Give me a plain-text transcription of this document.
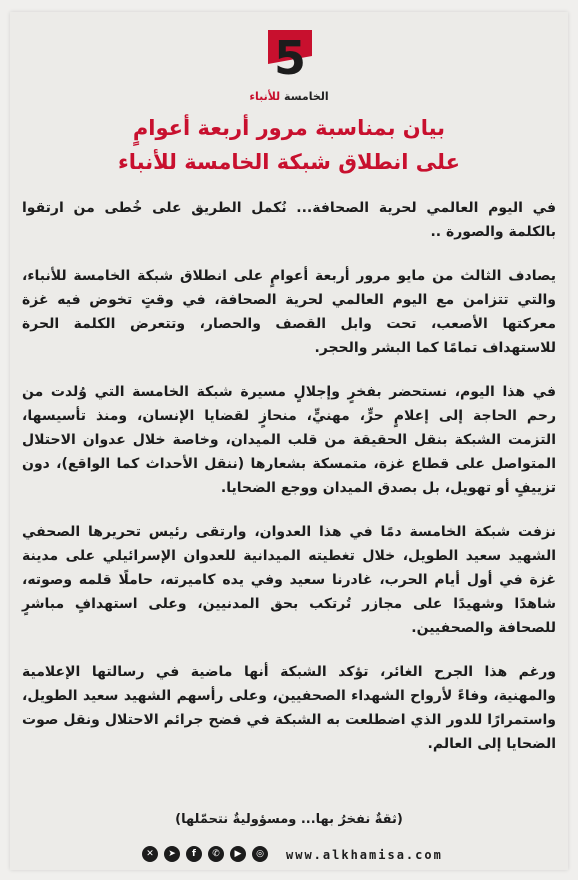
5
الخامسة للأنباء
بيان بمناسبة مرور أربعة أعوامٍ
على انطلاق شبكة الخامسة للأنباء

في اليوم العالمي لحرية الصحافة... نُكمل الطريق على خُطى من ارتقوا بالكلمة والصورة ..

يصادف الثالث من مايو مرور أربعة أعوامٍ على انطلاق شبكة الخامسة للأنباء، والتي تتزامن مع اليوم العالمي لحرية الصحافة، في وقتٍ تخوض فيه غزة معركتها الأصعب، تحت وابل القصف والحصار، وتتعرض الكلمة الحرة للاستهداف تمامًا كما البشر والحجر.

في هذا اليوم، نستحضر بفخرٍ وإجلالٍ مسيرة شبكة الخامسة التي وُلدت من رحم الحاجة إلى إعلامٍ حرٍّ، مهنيٍّ، منحازٍ لقضايا الإنسان، ومنذ تأسيسها، التزمت الشبكة بنقل الحقيقة من قلب الميدان، وخاصة خلال عدوان الاحتلال المتواصل على قطاع غزة، متمسكة بشعارها (ننقل الأحداث كما الواقع)، دون تزييفٍ أو تهويل، بل بصدق الميدان ووجع الضحايا.

نزفت شبكة الخامسة دمًا في هذا العدوان، وارتقى رئيس تحريرها الصحفي الشهيد سعيد الطويل، خلال تغطيته الميدانية للعدوان الإسرائيلي على مدينة غزة في أول أيام الحرب، غادرنا سعيد وفي يده كاميرته، حاملًا قلمه وصوته، شاهدًا وشهيدًا على مجازر تُرتكب بحق المدنيين، وعلى استهدافٍ مباشرٍ للصحافة والصحفيين.

ورغم هذا الجرح الغائر، تؤكد الشبكة أنها ماضية في رسالتها الإعلامية والمهنية، وفاءً لأرواح الشهداء الصحفيين، وعلى رأسهم الشهيد سعيد الطويل، واستمرارًا للدور الذي اضطلعت به الشبكة في فضح جرائم الاحتلال ونقل صوت الضحايا إلى العالم.

(ثقةٌ نفخرُ بها... ومسؤوليةٌ نتحمّلها)
✕	➤	f	✆	▶	◎	www.alkhamisa.com
